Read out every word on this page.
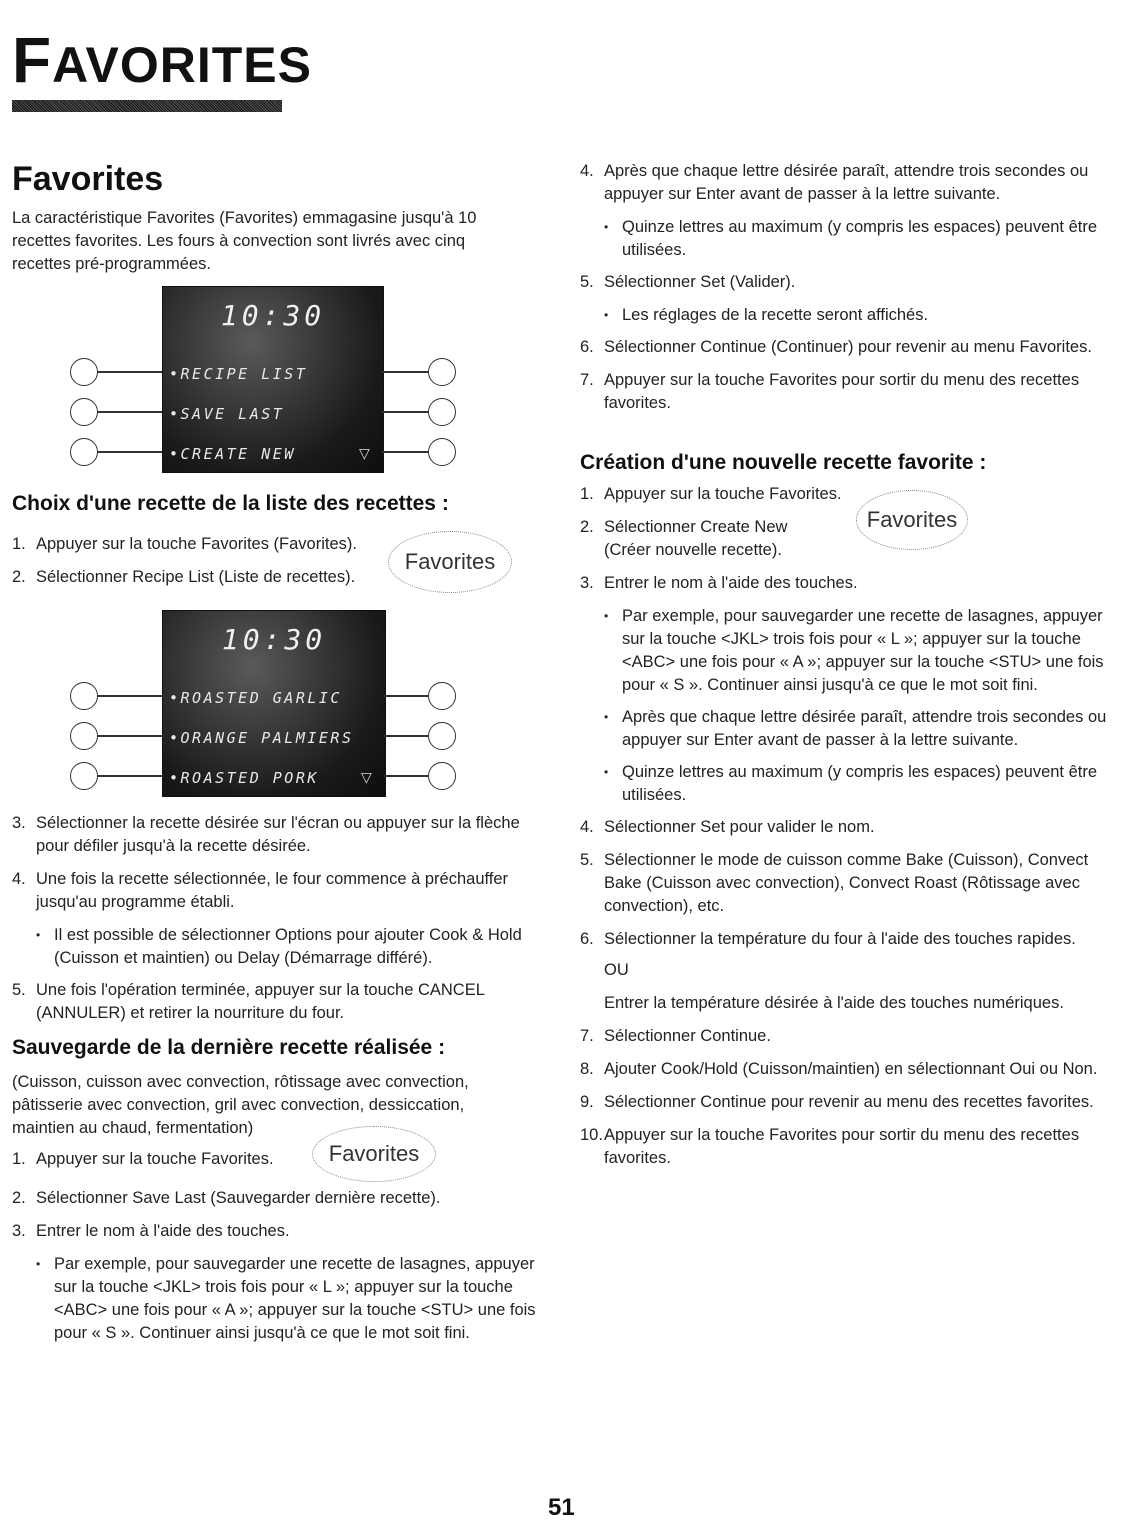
FAVORITES
Favorites
La caractéristique Favorites (Favorites) emmagasine jusqu'à 10 recettes favorites. Les fours à convection sont livrés avec cinq recettes pré-programmées.
10:30
•RECIPE LIST
•SAVE LAST
•CREATE NEW	▽
Choix d'une recette de la liste des recettes :
Favorites
1. Appuyer sur la touche Favorites (Favorites).
2. Sélectionner Recipe List (Liste de recettes).
10:30
•ROASTED GARLIC
•ORANGE PALMIERS
•ROASTED PORK	▽
3. Sélectionner la recette désirée sur l'écran ou appuyer sur la flèche pour défiler jusqu'à la recette désirée.
4. Une fois la recette sélectionnée, le four commence à préchauffer jusqu'au programme établi.
• Il est possible de sélectionner Options pour ajouter Cook & Hold (Cuisson et maintien) ou Delay (Démarrage différé).
5. Une fois l'opération terminée, appuyer sur la touche CANCEL (ANNULER) et retirer la nourriture du four.
Sauvegarde de la dernière recette réalisée :
(Cuisson, cuisson avec convection, rôtissage avec convection, pâtisserie avec convection, gril avec convection, dessiccation, maintien au chaud, fermentation)
Favorites
1. Appuyer sur la touche Favorites.
2. Sélectionner Save Last (Sauvegarder dernière recette).
3. Entrer le nom à l'aide des touches.
• Par exemple, pour sauvegarder une recette de lasagnes, appuyer sur la touche <JKL> trois fois pour « L »; appuyer sur la touche <ABC> une fois pour « A »; appuyer sur la touche <STU> une fois pour « S ». Continuer ainsi jusqu'à ce que le mot soit fini.
4. Après que chaque lettre désirée paraît, attendre trois secondes ou appuyer sur Enter avant de passer à la lettre suivante.
• Quinze lettres au maximum (y compris les espaces) peuvent être utilisées.
5. Sélectionner Set (Valider).
• Les réglages de la recette seront affichés.
6. Sélectionner Continue (Continuer) pour revenir au menu Favorites.
7. Appuyer sur la touche Favorites pour sortir du menu des recettes favorites.
Création d'une nouvelle recette favorite :
Favorites
1. Appuyer sur la touche Favorites.
2. Sélectionner Create New (Créer nouvelle recette).
3. Entrer le nom à l'aide des touches.
• Par exemple, pour sauvegarder une recette de lasagnes, appuyer sur la touche <JKL> trois fois pour « L »; appuyer sur la touche <ABC> une fois pour « A »; appuyer sur la touche <STU> une fois pour « S ». Continuer ainsi jusqu'à ce que le mot soit fini.
• Après que chaque lettre désirée paraît, attendre trois secondes ou appuyer sur Enter avant de passer à la lettre suivante.
• Quinze lettres au maximum (y compris les espaces) peuvent être utilisées.
4. Sélectionner Set pour valider le nom.
5. Sélectionner le mode de cuisson comme Bake (Cuisson), Convect Bake (Cuisson avec convection), Convect Roast (Rôtissage avec convection), etc.
6. Sélectionner la température du four à l'aide des touches rapides.
OU
Entrer la température désirée à l'aide des touches numériques.
7. Sélectionner Continue.
8. Ajouter Cook/Hold (Cuisson/maintien) en sélectionnant Oui ou Non.
9. Sélectionner Continue pour revenir au menu des recettes favorites.
10. Appuyer sur la touche Favorites pour sortir du menu des recettes favorites.
51
